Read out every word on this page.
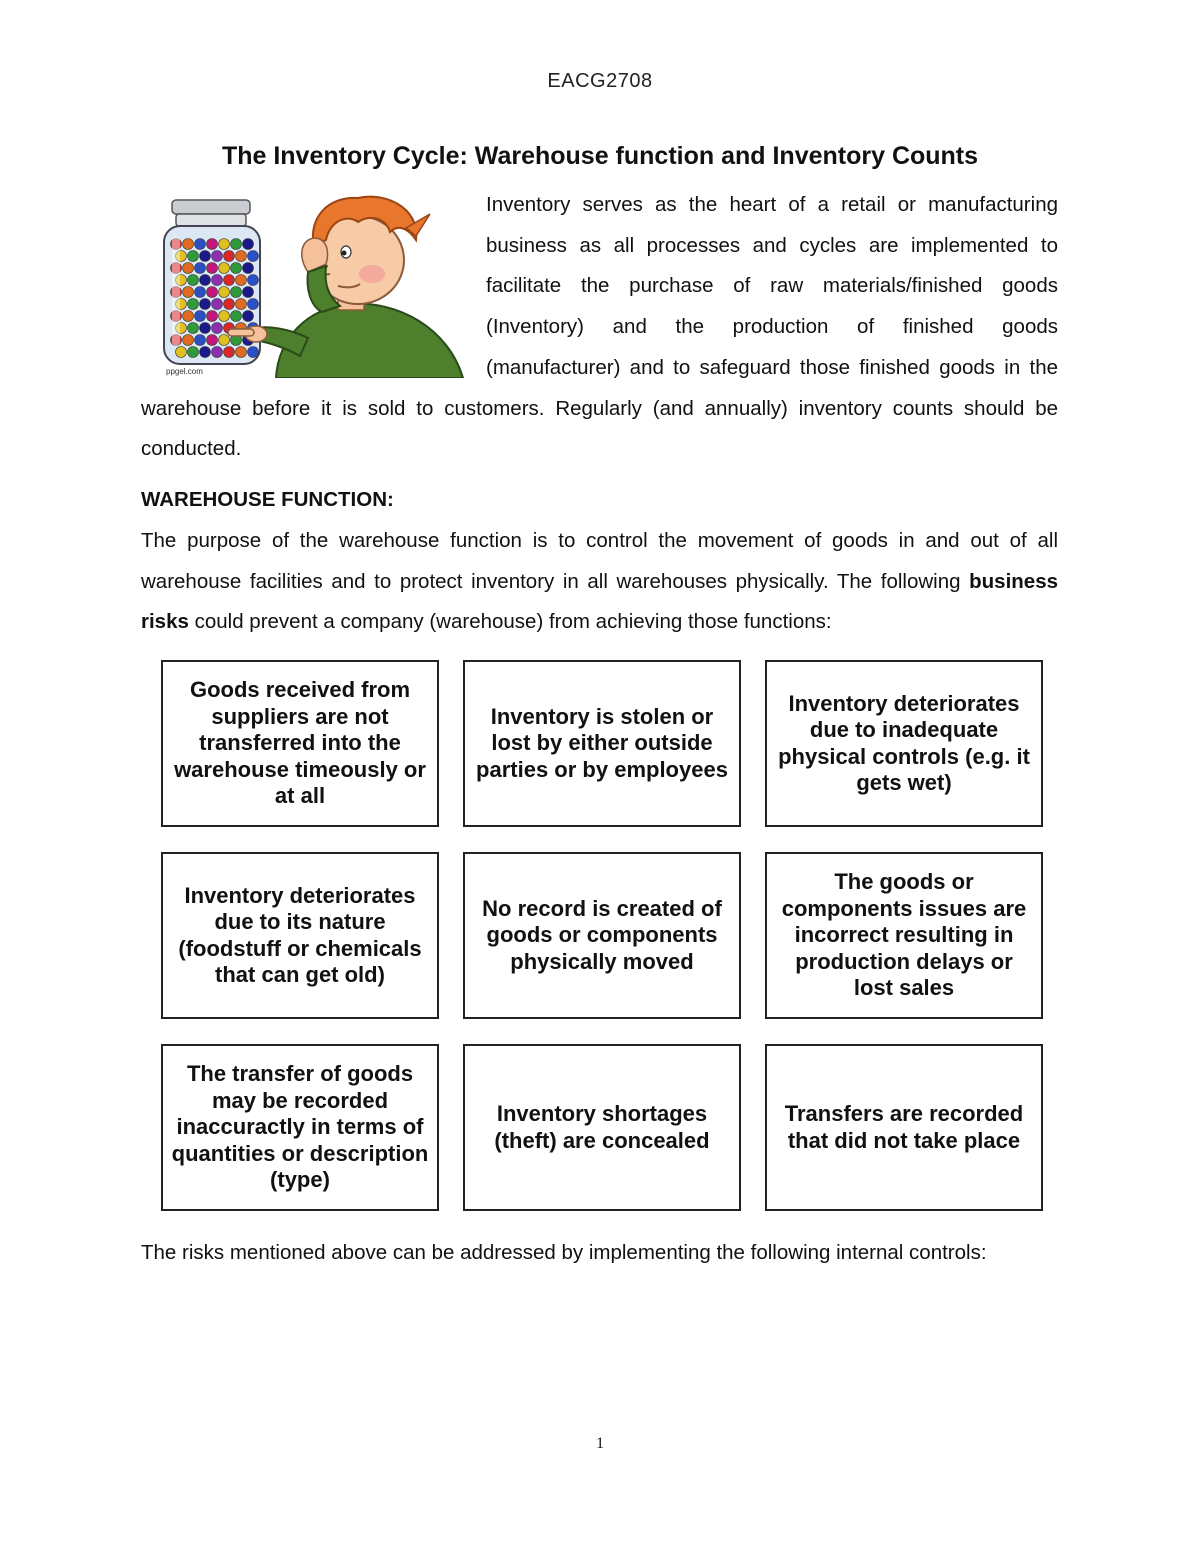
EACG2708
The Inventory Cycle: Warehouse function and Inventory Counts
ppgel.com

Inventory serves as the heart of a retail or manufacturing business as all processes and cycles are implemented to facilitate the purchase of raw materials/finished goods (Inventory) and the production of finished goods (manufacturer) and to safeguard those finished goods in the warehouse before it is sold to customers. Regularly (and annually) inventory counts should be conducted.

WAREHOUSE FUNCTION:

The purpose of the warehouse function is to control the movement of goods in and out of all warehouse facilities and to protect inventory in all warehouses physically. The following business risks could prevent a company (warehouse) from achieving those functions:

Goods received from suppliers are not transferred into the warehouse timeously or at all
Inventory is stolen or lost by either outside parties or by employees
Inventory deteriorates due to inadequate physical controls (e.g. it gets wet)
Inventory deteriorates due to its nature (foodstuff or chemicals that can get old)
No record is created of goods or components physically moved
The goods or components issues are incorrect resulting in production delays or lost sales
The transfer of goods may be recorded inaccuractly in terms of quantities or description (type)
Inventory shortages (theft) are concealed
Transfers are recorded that did not take place

The risks mentioned above can be addressed by implementing the following internal controls:

1
